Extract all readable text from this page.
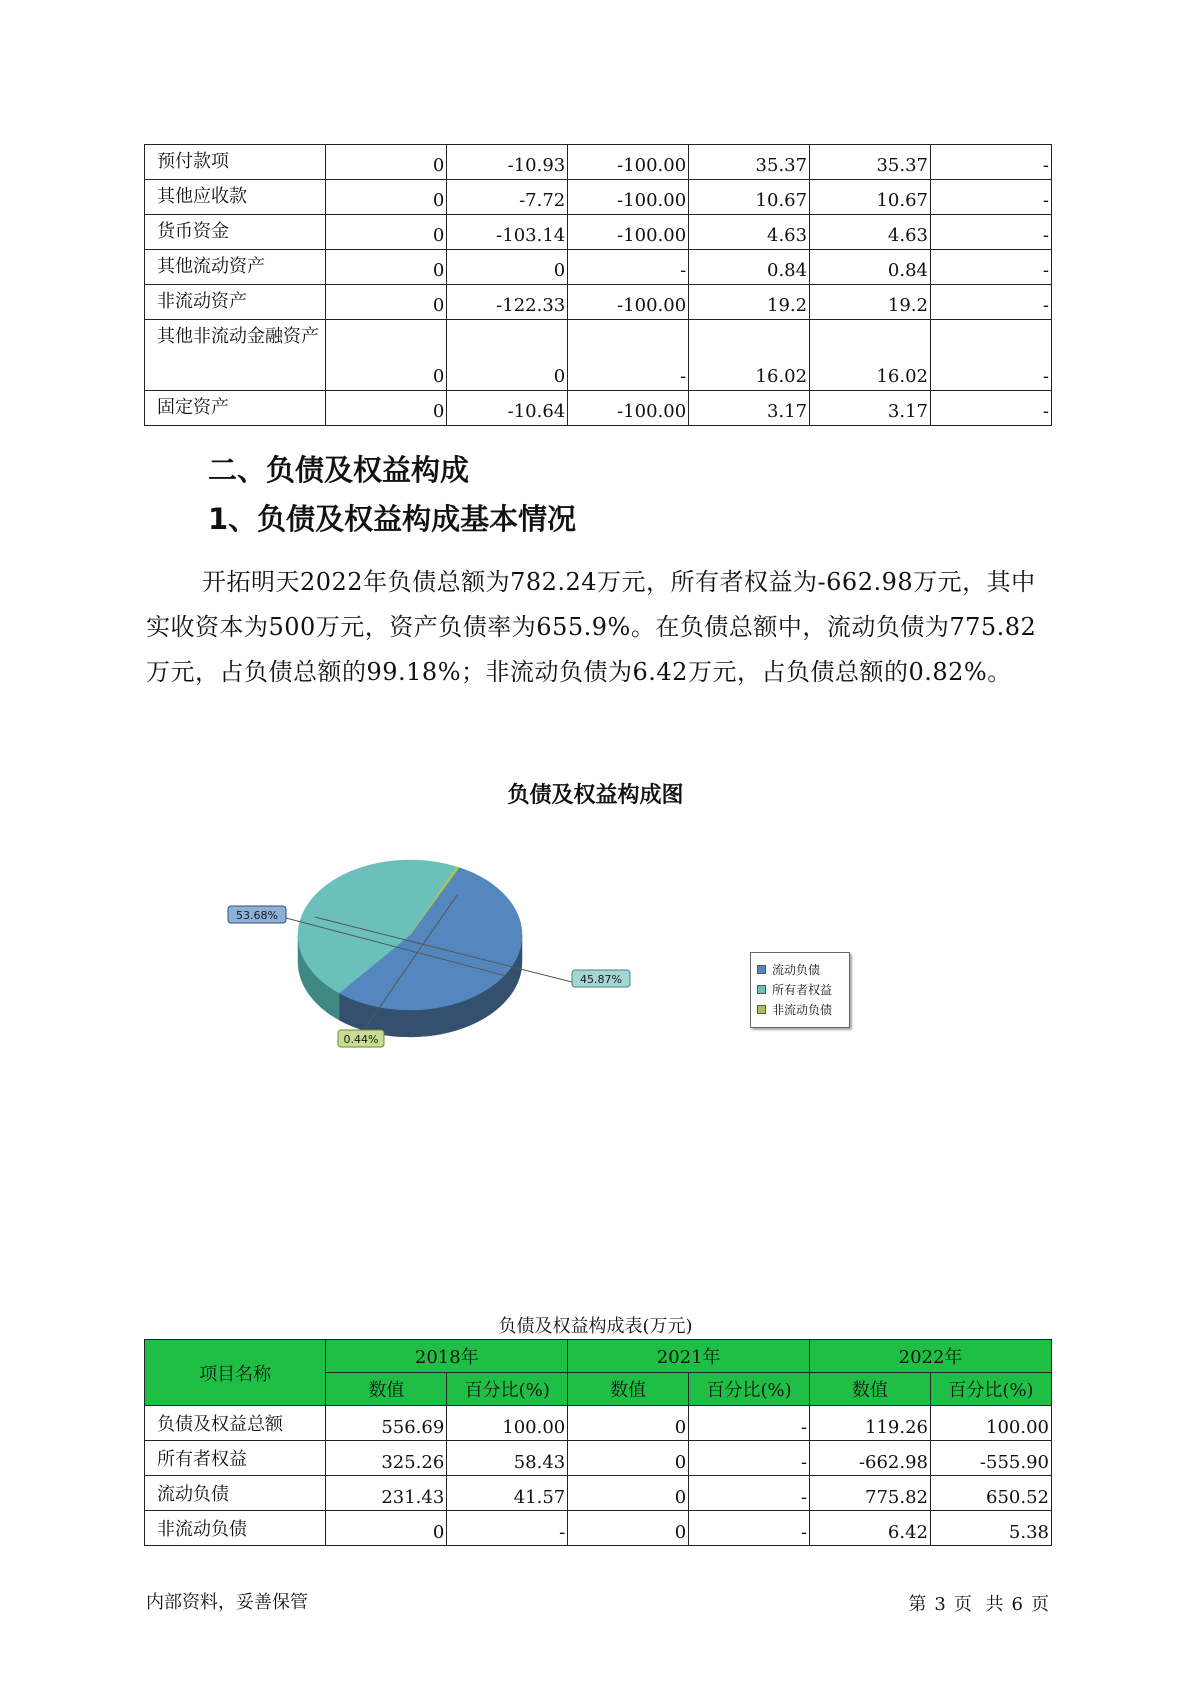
预付款项	0	-10.93	-100.00	35.37	35.37	-
其他应收款	0	-7.72	-100.00	10.67	10.67	-
货币资金	0	-103.14	-100.00	4.63	4.63	-
其他流动资产	0	0	-	0.84	0.84	-
非流动资产	0	-122.33	-100.00	19.2	19.2	-
其他非流动金融资产	0	0	-	16.02	16.02	-
固定资产	0	-10.64	-100.00	3.17	3.17	-
二、负债及权益构成
1、负债及权益构成基本情况

开拓明天2022年负债总额为782.24万元，所有者权益为-662.98万元，其中实收资本为500万元，资产负债率为655.9%。在负债总额中，流动负债为775.82万元，占负债总额的99.18%；非流动负债为6.42万元，占负债总额的0.82%。

负债及权益构成图

53.68%
45.87%
0.44%
流动负债
所有者权益
非流动负债

负债及权益构成表(万元)

项目名称	2018年		2021年		2022年	
	数值	百分比(%)	数值	百分比(%)	数值	百分比(%)
负债及权益总额	556.69	100.00	0	-	119.26	100.00
所有者权益	325.26	58.43	0	-	-662.98	-555.90
流动负债	231.43	41.57	0	-	775.82	650.52
非流动负债	0	-	0	-	6.42	5.38

内部资料，妥善保管	第 3 页 共 6 页
